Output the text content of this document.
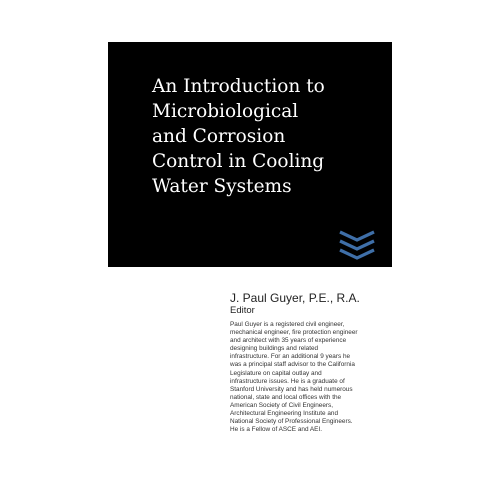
An Introduction to
Microbiological
and Corrosion
Control in Cooling
Water Systems
J. Paul Guyer, P.E., R.A.
Editor
Paul Guyer is a registered civil engineer,
mechanical engineer, fire protection engineer
and architect with 35 years of experience
designing buildings and related
infrastructure. For an additional 9 years he
was a principal staff advisor to the California
Legislature on capital outlay and
infrastructure issues. He is a graduate of
Stanford University and has held numerous
national, state and local offices with the
American Society of Civil Engineers,
Architectural Engineering Institute and
National Society of Professional Engineers.
He is a Fellow of ASCE and AEI.
